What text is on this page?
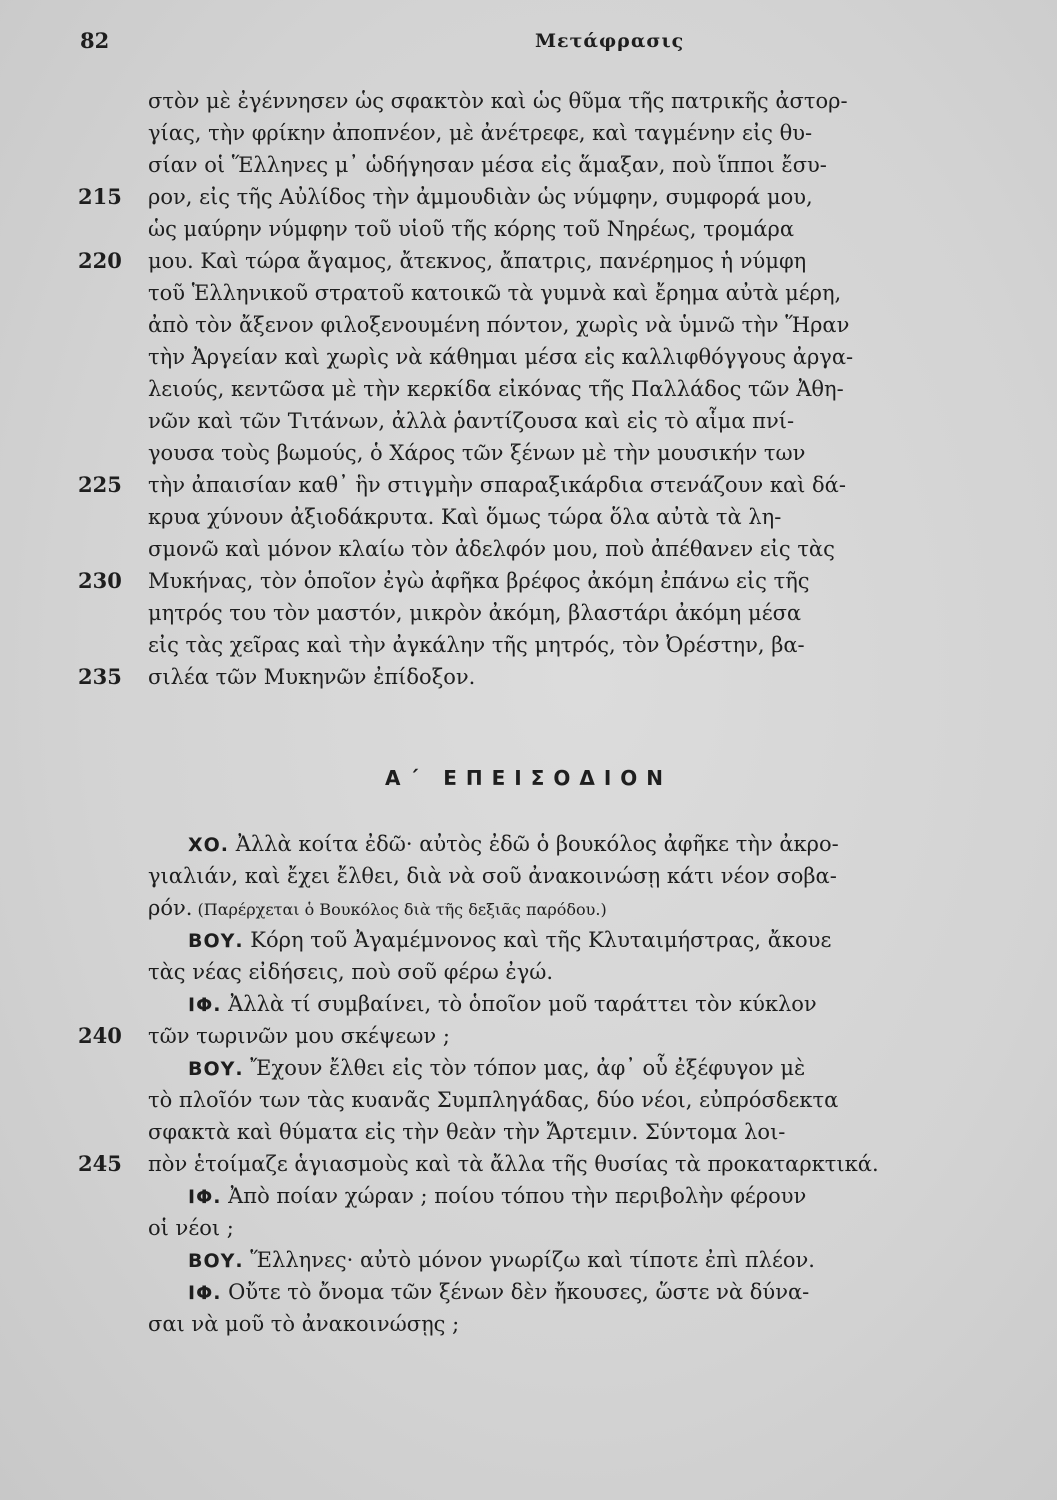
82	Μετάφρασις
στὸν μὲ ἐγέννησεν ὡς σφακτὸν καὶ ὡς θῦμα τῆς πατρικῆς ἀστορ-
γίας, τὴν φρίκην ἀποπνέον, μὲ ἀνέτρεφε, καὶ ταγμένην εἰς θυ-
σίαν οἱ Ἕλληνες μ᾿ ὡδήγησαν μέσα εἰς ἅμαξαν, ποὺ ἵπποι ἔσυ-
215	ρον, εἰς τῆς Αὐλίδος τὴν ἀμμουδιὰν ὡς νύμφην, συμφορά μου,
ὡς μαύρην νύμφην τοῦ υἱοῦ τῆς κόρης τοῦ Νηρέως, τρομάρα
220	μου. Καὶ τώρα ἄγαμος, ἄτεκνος, ἄπατρις, πανέρημος ἡ νύμφη
τοῦ Ἑλληνικοῦ στρατοῦ κατοικῶ τὰ γυμνὰ καὶ ἔρημα αὐτὰ μέρη,
ἀπὸ τὸν ἄξενον φιλοξενουμένη πόντον, χωρὶς νὰ ὑμνῶ τὴν Ἥραν
τὴν Ἀργείαν καὶ χωρὶς νὰ κάθημαι μέσα εἰς καλλιφθόγγους ἀργα-
λειούς, κεντῶσα μὲ τὴν κερκίδα εἰκόνας τῆς Παλλάδος τῶν Ἀθη-
νῶν καὶ τῶν Τιτάνων, ἀλλὰ ῥαντίζουσα καὶ εἰς τὸ αἷμα πνί-
γουσα τοὺς βωμούς, ὁ Χάρος τῶν ξένων μὲ τὴν μουσικήν των
225	τὴν ἀπαισίαν καθ᾿ ἣν στιγμὴν σπαραξικάρδια στενάζουν καὶ δά-
κρυα χύνουν ἀξιοδάκρυτα. Καὶ ὅμως τώρα ὅλα αὐτὰ τὰ λη-
σμονῶ καὶ μόνον κλαίω τὸν ἀδελφόν μου, ποὺ ἀπέθανεν εἰς τὰς
230	Μυκήνας, τὸν ὁποῖον ἐγὼ ἀφῆκα βρέφος ἀκόμη ἐπάνω εἰς τῆς
μητρός του τὸν μαστόν, μικρὸν ἀκόμη, βλαστάρι ἀκόμη μέσα
εἰς τὰς χεῖρας καὶ τὴν ἀγκάλην τῆς μητρός, τὸν Ὀρέστην, βα-
235	σιλέα τῶν Μυκηνῶν ἐπίδοξον.
Α΄ ΕΠΕΙΣΟΔΙΟΝ
ΧΟ. Ἀλλὰ κοίτα ἐδῶ· αὐτὸς ἐδῶ ὁ βουκόλος ἀφῆκε τὴν ἀκρο-
γιαλιάν, καὶ ἔχει ἔλθει, διὰ νὰ σοῦ ἀνακοινώσῃ κάτι νέον σοβα-
ρόν. (Παρέρχεται ὁ Βουκόλος διὰ τῆς δεξιᾶς παρόδου.)
ΒΟΥ. Κόρη τοῦ Ἀγαμέμνονος καὶ τῆς Κλυταιμήστρας, ἄκουε
τὰς νέας εἰδήσεις, ποὺ σοῦ φέρω ἐγώ.
ΙΦ. Ἀλλὰ τί συμβαίνει, τὸ ὁποῖον μοῦ ταράττει τὸν κύκλον
240	τῶν τωρινῶν μου σκέψεων ;
ΒΟΥ. Ἔχουν ἔλθει εἰς τὸν τόπον μας, ἀφ᾿ οὗ ἐξέφυγον μὲ
τὸ πλοῖόν των τὰς κυανᾶς Συμπληγάδας, δύο νέοι, εὐπρόσδεκτα
σφακτὰ καὶ θύματα εἰς τὴν θεὰν τὴν Ἄρτεμιν. Σύντομα λοι-
245	πὸν ἑτοίμαζε ἁγιασμοὺς καὶ τὰ ἄλλα τῆς θυσίας τὰ προκαταρκτικά.
ΙΦ. Ἀπὸ ποίαν χώραν ; ποίου τόπου τὴν περιβολὴν φέρουν
οἱ νέοι ;
ΒΟΥ. Ἕλληνες· αὐτὸ μόνον γνωρίζω καὶ τίποτε ἐπὶ πλέον.
ΙΦ. Οὔτε τὸ ὄνομα τῶν ξένων δὲν ἤκουσες, ὥστε νὰ δύνα-
σαι νὰ μοῦ τὸ ἀνακοινώσῃς ;
